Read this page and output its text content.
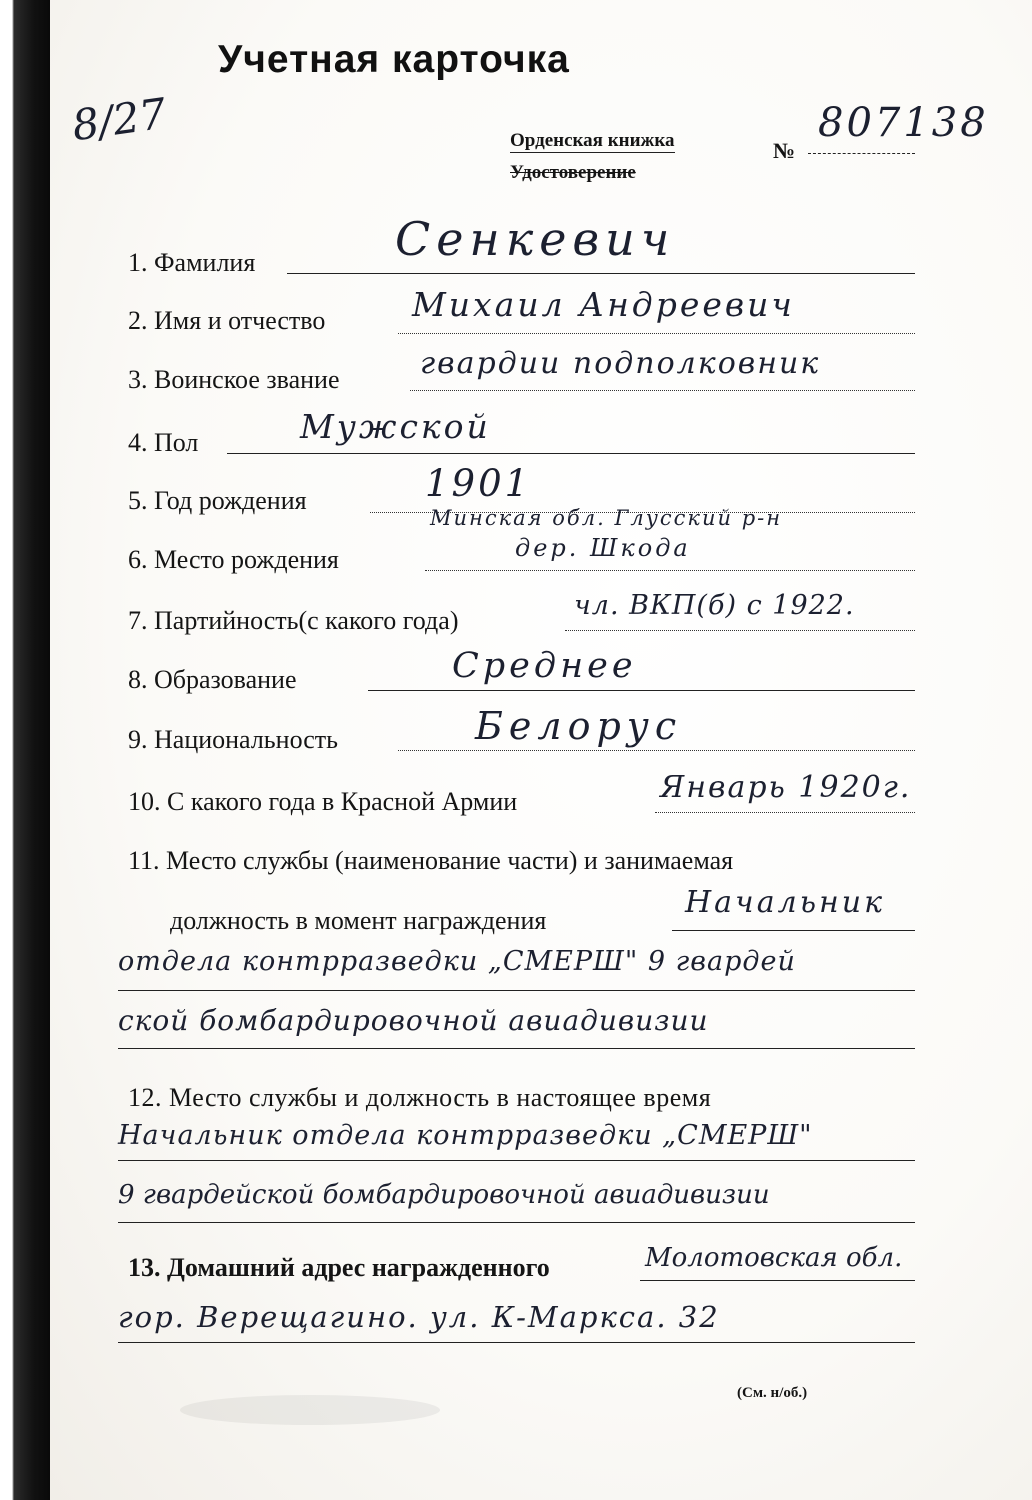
Учетная карточка
8/27	Орденская книжка
Удостоверение
№
807138
1. Фамилия	Сенкевич
2. Имя и отчество	Михаил Андреевич
3. Воинское звание	гвардии подполковник
4. Пол	Мужской
5. Год рождения	1901
6. Место рождения
Минская обл. Глусский р-н
дер. Шкода
7. Партийность(с какого года)	чл. ВКП(б) с 1922.
8. Образование	Среднее
9. Национальность	Белорус
10. С какого года в Красной Армии	Январь 1920г.
11. Место службы (наименование части) и занимаемая
должность в момент награждения
Начальник
отдела контрразведки „СМЕРШ" 9 гвардей
ской бомбардировочной авиадивизии
12. Место службы и должность в настоящее время
Начальник отдела контрразведки „СМЕРШ"
9 гвардейской бомбардировочной авиадивизии
13. Домашний адрес награжденного	Молотовская обл.
гор. Верещагино. ул. К-Маркса. 32
(См. н/об.)
